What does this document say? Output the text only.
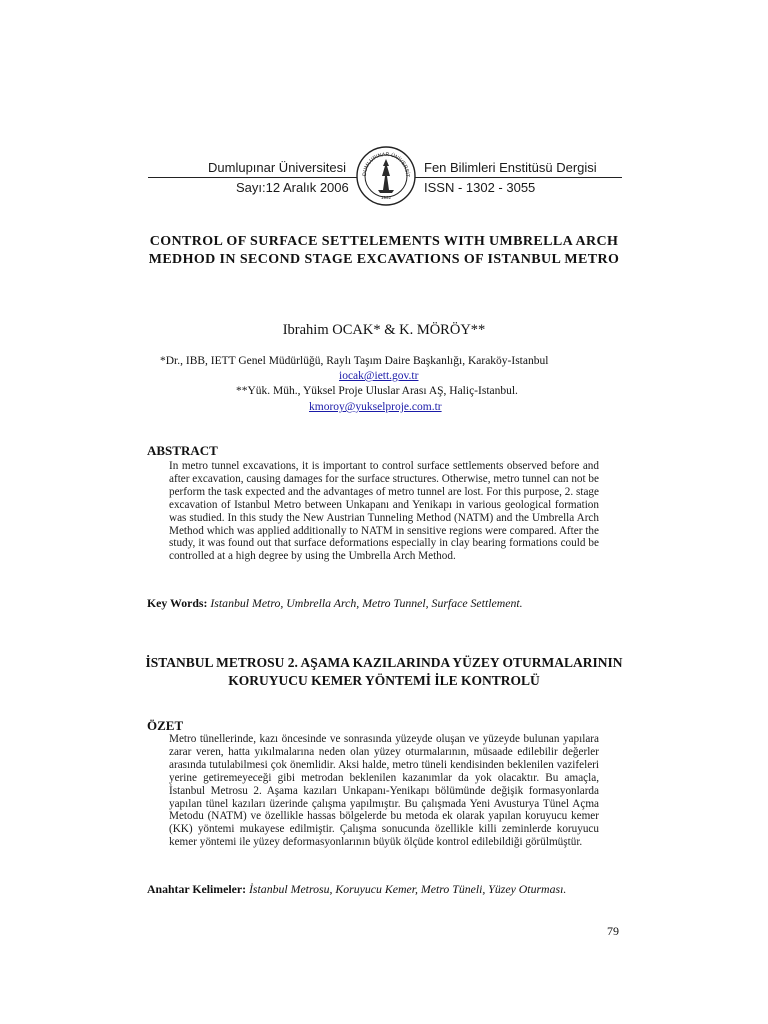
Dumlupınar Üniversitesi
Sayı:12 Aralık 2006
Fen Bilimleri Enstitüsü Dergisi
ISSN - 1302 - 3055
DUMLUPINAR ÜNİVERSİT
1992
CONTROL OF SURFACE SETTELEMENTS WITH UMBRELLA ARCH MEDHOD IN SECOND STAGE EXCAVATIONS OF ISTANBUL METRO
Ibrahim OCAK* & K. MÖRÖY**
*Dr., IBB, IETT Genel Müdürlüğü, Raylı Taşım Daire Başkanlığı, Karaköy-Istanbul
iocak@iett.gov.tr
**Yük. Müh., Yüksel Proje Uluslar Arası AŞ, Haliç-Istanbul.
kmoroy@yukselproje.com.tr
ABSTRACT

In metro tunnel excavations, it is important to control surface settlements observed before and after excavation, causing damages for the surface structures. Otherwise, metro tunnel can not be perform the task expected and the advantages of metro tunnel are lost. For this purpose, 2. stage excavation of Istanbul Metro between Unkapanı and Yenikapı in various geological formation was studied. In this study the New Austrian Tunneling Method (NATM) and the Umbrella Arch Method which was applied additionally to NATM in sensitive regions were compared. After the study, it was found out that surface deformations especially in clay bearing formations could be controlled at a high degree by using the Umbrella Arch Method.

Key Words: Istanbul Metro, Umbrella Arch, Metro Tunnel, Surface Settlement.
İSTANBUL METROSU 2. AŞAMA KAZILARINDA YÜZEY OTURMALARININ KORUYUCU KEMER YÖNTEMİ İLE KONTROLÜ
ÖZET

Metro tünellerinde, kazı öncesinde ve sonrasında yüzeyde oluşan ve yüzeyde bulunan yapılara zarar veren, hatta yıkılmalarına neden olan yüzey oturmalarının, müsaade edilebilir değerler arasında tutulabilmesi çok önemlidir. Aksi halde, metro tüneli kendisinden beklenilen vazifeleri yerine getiremeyeceği gibi metrodan beklenilen kazanımlar da yok olacaktır. Bu amaçla, İstanbul Metrosu 2. Aşama kazıları Unkapanı-Yenikapı bölümünde değişik formasyonlarda yapılan tünel kazıları üzerinde çalışma yapılmıştır. Bu çalışmada Yeni Avusturya Tünel Açma Metodu (NATM) ve özellikle hassas bölgelerde bu metoda ek olarak yapılan koruyucu kemer (KK) yöntemi mukayese edilmiştir. Çalışma sonucunda özellikle killi zeminlerde koruyucu kemer yöntemi ile yüzey deformasyonlarının büyük ölçüde kontrol edilebildiği görülmüştür.

Anahtar Kelimeler: İstanbul Metrosu, Koruyucu Kemer, Metro Tüneli, Yüzey Oturması.
79
